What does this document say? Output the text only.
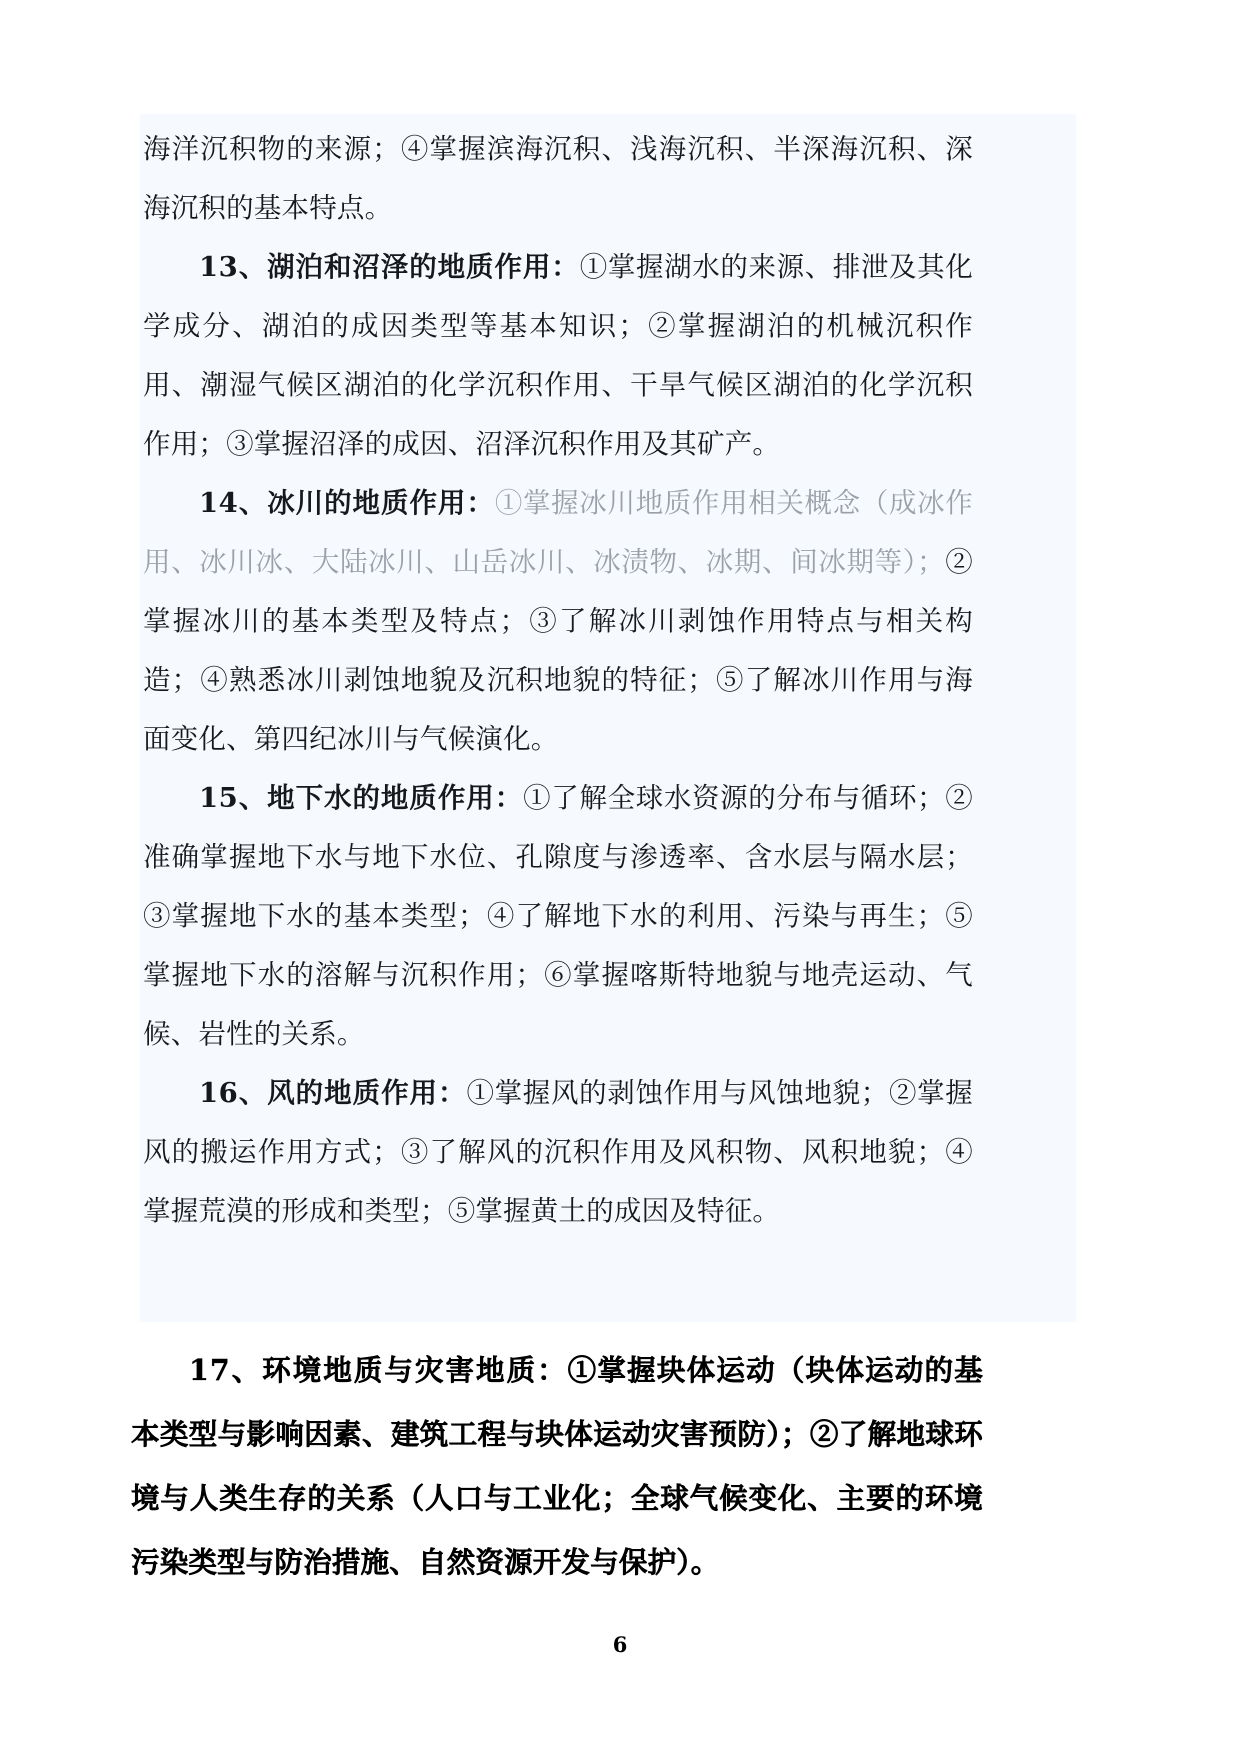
海洋沉积物的来源；④掌握滨海沉积、浅海沉积、半深海沉积、深海沉积的基本特点。

13、湖泊和沼泽的地质作用：①掌握湖水的来源、排泄及其化学成分、湖泊的成因类型等基本知识；②掌握湖泊的机械沉积作用、潮湿气候区湖泊的化学沉积作用、干旱气候区湖泊的化学沉积作用；③掌握沼泽的成因、沼泽沉积作用及其矿产。

14、冰川的地质作用：①掌握冰川地质作用相关概念（成冰作用、冰川冰、大陆冰川、山岳冰川、冰渍物、冰期、间冰期等）；②掌握冰川的基本类型及特点；③了解冰川剥蚀作用特点与相关构造；④熟悉冰川剥蚀地貌及沉积地貌的特征；⑤了解冰川作用与海面变化、第四纪冰川与气候演化。

15、地下水的地质作用：①了解全球水资源的分布与循环；②准确掌握地下水与地下水位、孔隙度与渗透率、含水层与隔水层；③掌握地下水的基本类型；④了解地下水的利用、污染与再生；⑤掌握地下水的溶解与沉积作用；⑥掌握喀斯特地貌与地壳运动、气候、岩性的关系。

16、风的地质作用：①掌握风的剥蚀作用与风蚀地貌；②掌握风的搬运作用方式；③了解风的沉积作用及风积物、风积地貌；④掌握荒漠的形成和类型；⑤掌握黄土的成因及特征。

17、环境地质与灾害地质：①掌握块体运动（块体运动的基本类型与影响因素、建筑工程与块体运动灾害预防）；②了解地球环境与人类生存的关系（人口与工业化；全球气候变化、主要的环境污染类型与防治措施、自然资源开发与保护）。

6
